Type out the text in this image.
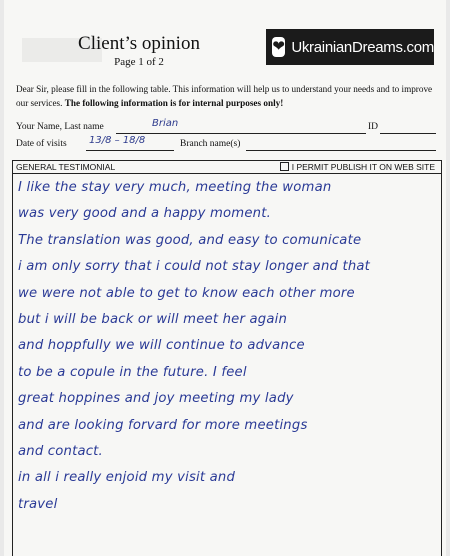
Client’s opinion
Page 1 of 2
❤ UkrainianDreams.com
Dear Sir, please fill in the following table. This information will help us to understand your needs and to improve our services. The following information is for internal purposes only!
Your Name, Last name	Brian	ID
Date of visits 13/8 – 18/8	Branch name(s)
GENERAL TESTIMONIAL	I PERMIT PUBLISH IT ON WEB SITE
I like the stay very much, meeting the woman
was very good and a happy moment.
The translation was good, and easy to comunicate
i am only sorry that i could not stay longer and that
we were not able to get to know each other more
but i will be back or will meet her again
and hoppfully we will continue to advance
to be a copule in the future. I feel
great hoppines and joy meeting my lady
and are looking forvard for more meetings
and contact.
in all i really enjoid my visit and
travel
